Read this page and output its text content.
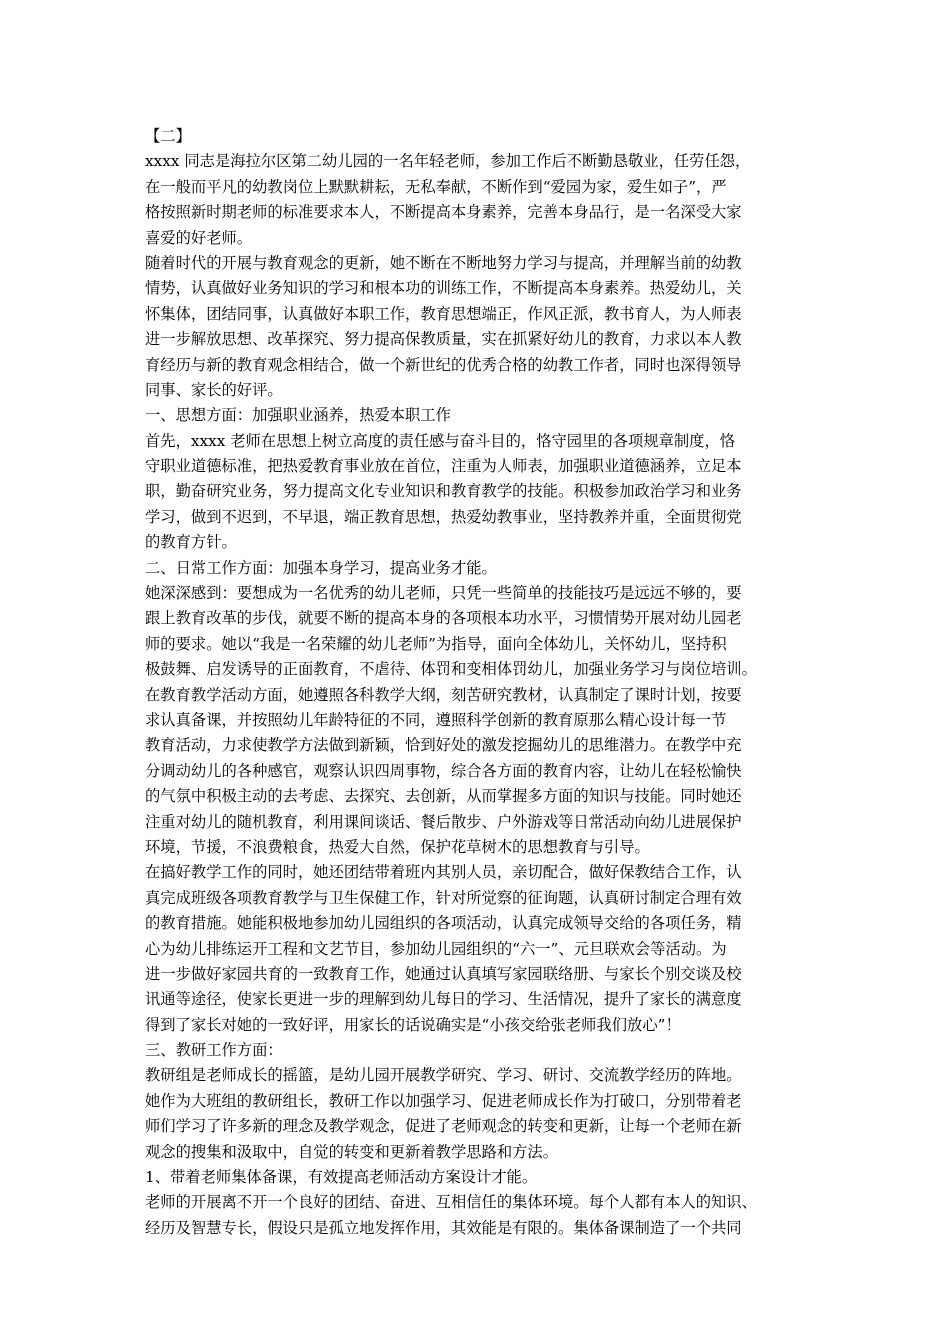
【二】
xxxx 同志是海拉尔区第二幼儿园的一名年轻老师，参加工作后不断勤恳敬业，任劳任怨，
在一般而平凡的幼教岗位上默默耕耘，无私奉献，不断作到“爱园为家，爱生如子”，严
格按照新时期老师的标准要求本人，不断提高本身素养，完善本身品行，是一名深受大家
喜爱的好老师。
随着时代的开展与教育观念的更新，她不断在不断地努力学习与提高，并理解当前的幼教
情势，认真做好业务知识的学习和根本功的训练工作，不断提高本身素养。热爱幼儿，关
怀集体，团结同事，认真做好本职工作，教育思想端正，作风正派，教书育人，为人师表
进一步解放思想、改革探究、努力提高保教质量，实在抓紧好幼儿的教育，力求以本人教
育经历与新的教育观念相结合，做一个新世纪的优秀合格的幼教工作者，同时也深得领导
同事、家长的好评。
一、思想方面：加强职业涵养，热爱本职工作
首先，xxxx 老师在思想上树立高度的责任感与奋斗目的，恪守园里的各项规章制度，恪
守职业道德标准，把热爱教育事业放在首位，注重为人师表，加强职业道德涵养，立足本
职，勤奋研究业务，努力提高文化专业知识和教育教学的技能。积极参加政治学习和业务
学习，做到不迟到，不早退，端正教育思想，热爱幼教事业，坚持教养并重，全面贯彻党
的教育方针。
二、日常工作方面：加强本身学习，提高业务才能。
她深深感到：要想成为一名优秀的幼儿老师，只凭一些简单的技能技巧是远远不够的，要
跟上教育改革的步伐，就要不断的提高本身的各项根本功水平，习惯情势开展对幼儿园老
师的要求。她以“我是一名荣耀的幼儿老师”为指导，面向全体幼儿，关怀幼儿，坚持积
极鼓舞、启发诱导的正面教育，不虐待、体罚和变相体罚幼儿，加强业务学习与岗位培训。
在教育教学活动方面，她遵照各科教学大纲，刻苦研究教材，认真制定了课时计划，按要
求认真备课，并按照幼儿年龄特征的不同，遵照科学创新的教育原那么精心设计每一节
教育活动，力求使教学方法做到新颖，恰到好处的激发挖掘幼儿的思维潜力。在教学中充
分调动幼儿的各种感官，观察认识四周事物，综合各方面的教育内容，让幼儿在轻松愉快
的气氛中积极主动的去考虑、去探究、去创新，从而掌握多方面的知识与技能。同时她还
注重对幼儿的随机教育，利用课间谈话、餐后散步、户外游戏等日常活动向幼儿进展保护
环境，节援，不浪费粮食，热爱大自然，保护花草树木的思想教育与引导。
在搞好教学工作的同时，她还团结带着班内其别人员，亲切配合，做好保教结合工作，认
真完成班级各项教育教学与卫生保健工作，针对所觉察的征询题，认真研讨制定合理有效
的教育措施。她能积极地参加幼儿园组织的各项活动，认真完成领导交给的各项任务，精
心为幼儿排练运开工程和文艺节目，参加幼儿园组织的“六一”、元旦联欢会等活动。为
进一步做好家园共育的一致教育工作，她通过认真填写家园联络册、与家长个别交谈及校
讯通等途径，使家长更进一步的理解到幼儿每日的学习、生活情况，提升了家长的满意度
得到了家长对她的一致好评，用家长的话说确实是“小孩交给张老师我们放心”！
三、教研工作方面：
教研组是老师成长的摇篮，是幼儿园开展教学研究、学习、研讨、交流教学经历的阵地。
她作为大班组的教研组长，教研工作以加强学习、促进老师成长作为打破口，分别带着老
师们学习了许多新的理念及教学观念，促进了老师观念的转变和更新，让每一个老师在新
观念的搜集和汲取中，自觉的转变和更新着教学思路和方法。
1、带着老师集体备课，有效提高老师活动方案设计才能。
老师的开展离不开一个良好的团结、奋进、互相信任的集体环境。每个人都有本人的知识、
经历及智慧专长，假设只是孤立地发挥作用，其效能是有限的。集体备课制造了一个共同
